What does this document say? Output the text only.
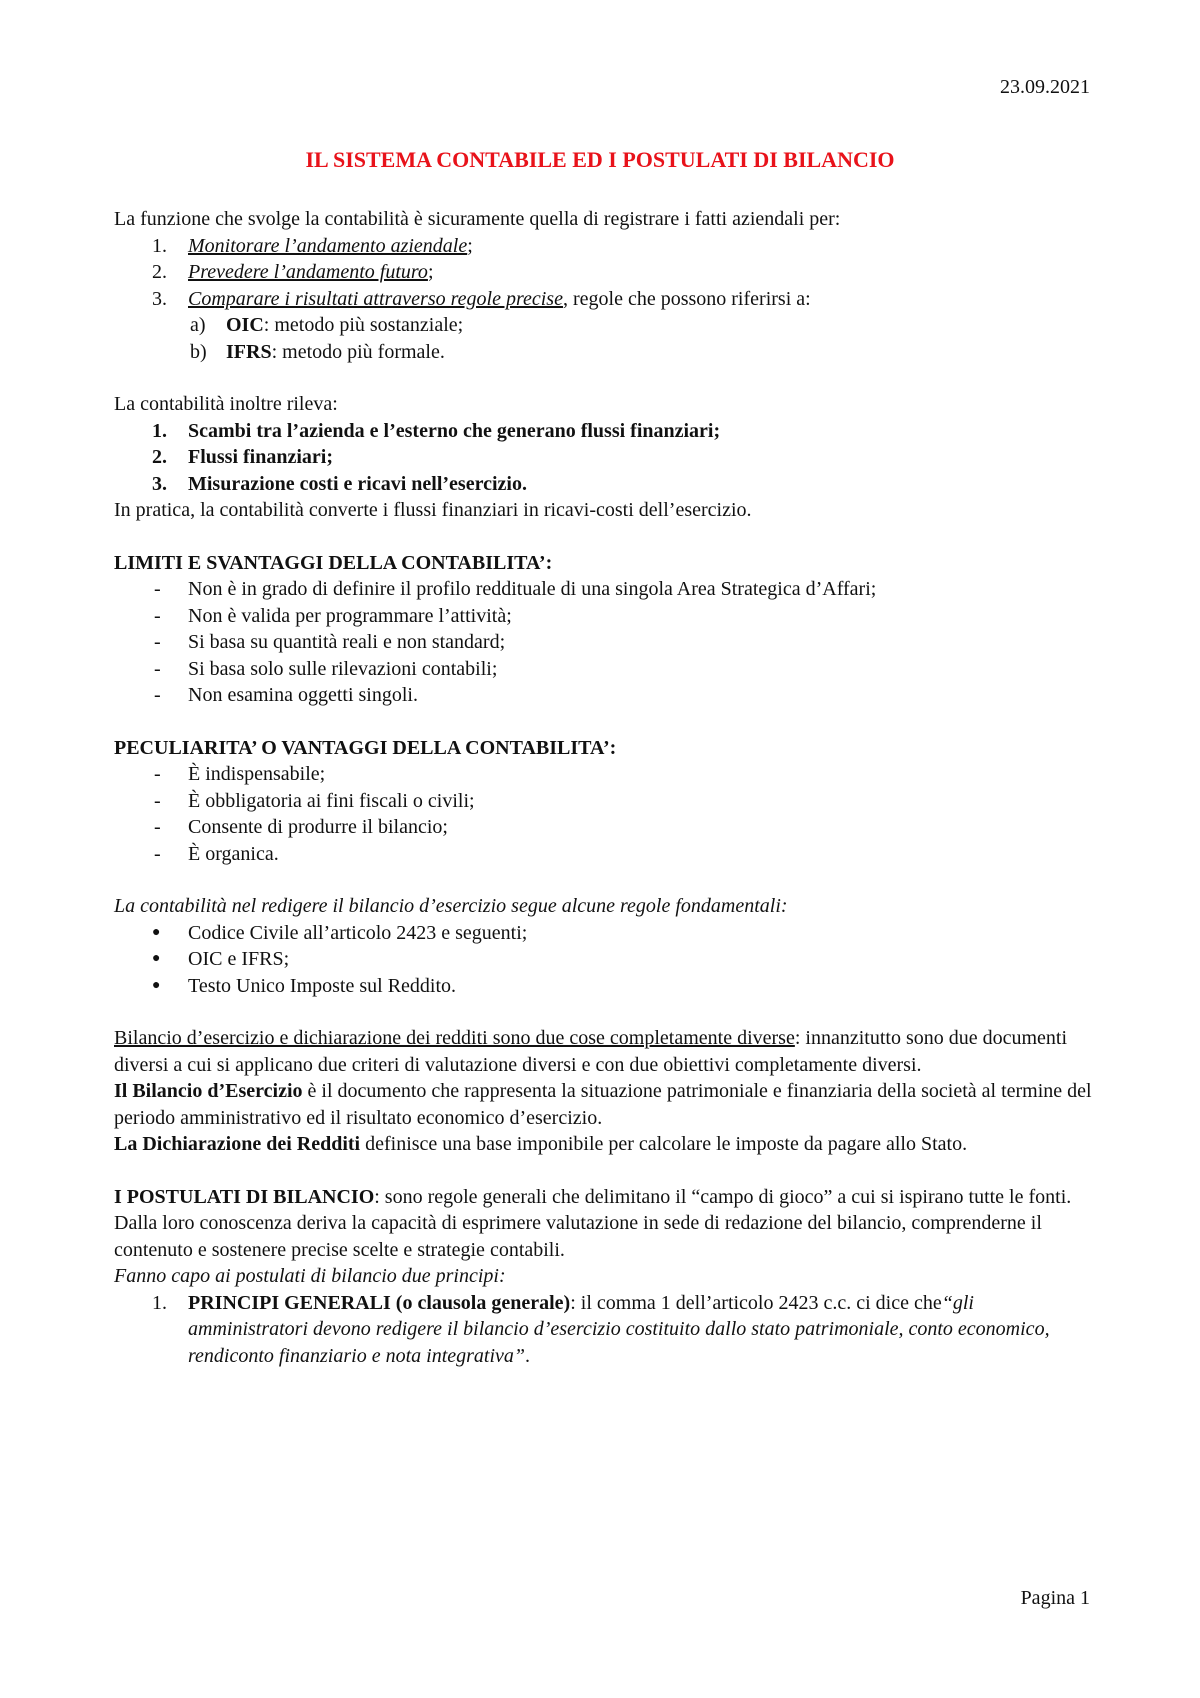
23.09.2021
IL SISTEMA CONTABILE ED I POSTULATI DI BILANCIO

La funzione che svolge la contabilità è sicuramente quella di registrare i fatti aziendali per:

1. Monitorare l’andamento aziendale;
2. Prevedere l’andamento futuro;
3. Comparare i risultati attraverso regole precise, regole che possono riferirsi a:
a) OIC: metodo più sostanziale;
b) IFRS: metodo più formale.

La contabilità inoltre rileva:

1. Scambi tra l’azienda e l’esterno che generano flussi finanziari;
2. Flussi finanziari;
3. Misurazione costi e ricavi nell’esercizio.

In pratica, la contabilità converte i flussi finanziari in ricavi-costi dell’esercizio.

LIMITI E SVANTAGGI DELLA CONTABILITA’:

- Non è in grado di definire il profilo reddituale di una singola Area Strategica d’Affari;
- Non è valida per programmare l’attività;
- Si basa su quantità reali e non standard;
- Si basa solo sulle rilevazioni contabili;
- Non esamina oggetti singoli.

PECULIARITA’ O VANTAGGI DELLA CONTABILITA’:

- È indispensabile;
- È obbligatoria ai fini fiscali o civili;
- Consente di produrre il bilancio;
- È organica.

La contabilità nel redigere il bilancio d’esercizio segue alcune regole fondamentali:

● Codice Civile all’articolo 2423 e seguenti;
● OIC e IFRS;
● Testo Unico Imposte sul Reddito.

Bilancio d’esercizio e dichiarazione dei redditi sono due cose completamente diverse: innanzitutto sono due documenti diversi a cui si applicano due criteri di valutazione diversi e con due obiettivi completamente diversi.

Il Bilancio d’Esercizio è il documento che rappresenta la situazione patrimoniale e finanziaria della società al termine del periodo amministrativo ed il risultato economico d’esercizio.

La Dichiarazione dei Redditi definisce una base imponibile per calcolare le imposte da pagare allo Stato.

I POSTULATI DI BILANCIO: sono regole generali che delimitano il “campo di gioco” a cui si ispirano tutte le fonti.

Dalla loro conoscenza deriva la capacità di esprimere valutazione in sede di redazione del bilancio, comprenderne il contenuto e sostenere precise scelte e strategie contabili.

Fanno capo ai postulati di bilancio due principi:

1. PRINCIPI GENERALI (o clausola generale): il comma 1 dell’articolo 2423 c.c. ci dice che“gli amministratori devono redigere il bilancio d’esercizio costituito dallo stato patrimoniale, conto economico, rendiconto finanziario e nota integrativa”.
Pagina 1
